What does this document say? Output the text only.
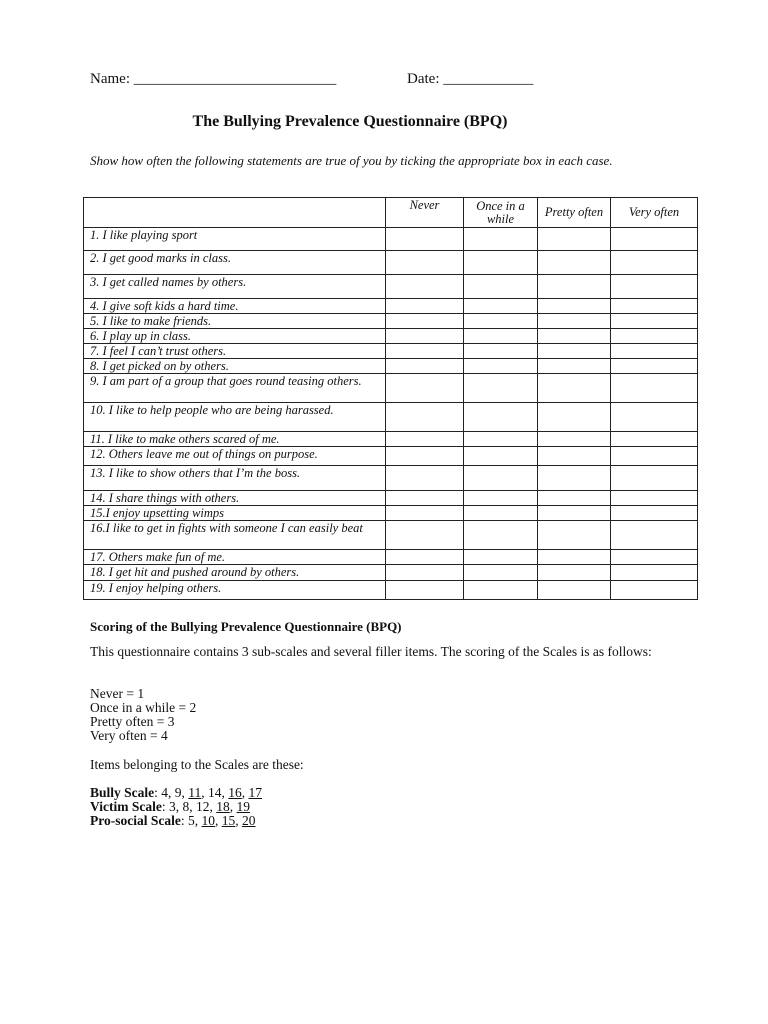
Name: ___________________________	Date: ____________
The Bullying Prevalence Questionnaire (BPQ)
Show how often the following statements are true of you by ticking the appropriate box in each case.
	Never	Once in a while	Pretty often	Very often
1. I like playing sport				
2. I get good marks in class.				
3. I get called names by others.				
4. I give soft kids a hard time.				
5. I like to make friends.				
6. I play up in class.				
7. I feel I can’t trust others.				
8. I get picked on by others.				
9. I am part of a group that goes round teasing others.				
10. I like to help people who are being harassed.				
11. I like to make others scared of me.				
12. Others leave me out of things on purpose.				
13. I like to show others that I’m the boss.				
14. I share things with others.				
15.I enjoy upsetting wimps				
16.I like to get in fights with someone I can easily beat				
17. Others make fun of me.				
18. I get hit and pushed around by others.				
19. I enjoy helping others.				
Scoring of the Bullying Prevalence Questionnaire (BPQ)
This questionnaire contains 3 sub-scales and several filler items. The scoring of the Scales is as follows:
Never = 1
Once in a while = 2
Pretty often = 3
Very often = 4
Items belonging to the Scales are these:
Bully Scale: 4, 9, 11, 14, 16, 17
Victim Scale: 3, 8, 12, 18, 19
Pro-social Scale: 5, 10, 15, 20
